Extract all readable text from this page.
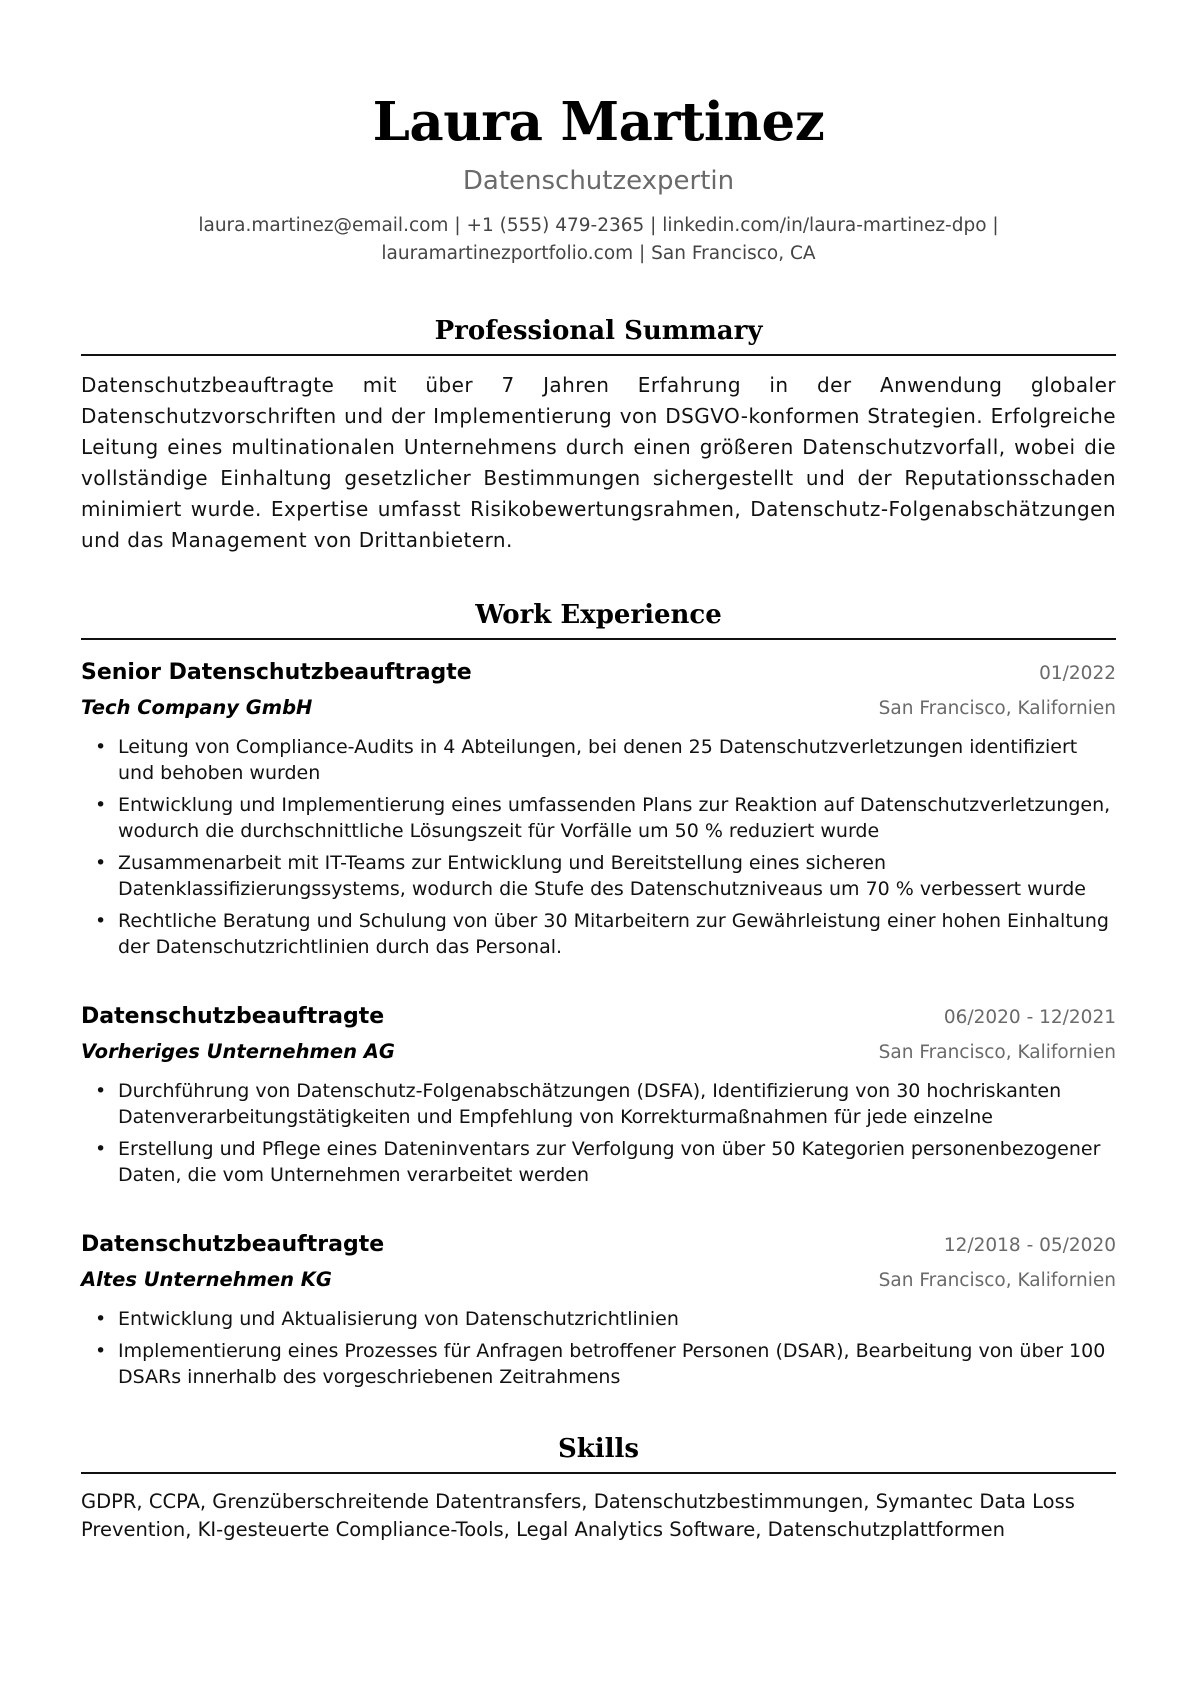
Laura Martinez
Datenschutzexpertin
laura.martinez@email.com | +1 (555) 479-2365 | linkedin.com/in/laura-martinez-dpo |
lauramartinezportfolio.com | San Francisco, CA
Professional Summary

Datenschutzbeauftragte mit über 7 Jahren Erfahrung in der Anwendung globaler Datenschutzvorschriften und der Implementierung von DSGVO-konformen Strategien. Erfolgreiche Leitung eines multinationalen Unternehmens durch einen größeren Datenschutzvorfall, wobei die vollständige Einhaltung gesetzlicher Bestimmungen sichergestellt und der Reputationsschaden minimiert wurde. Expertise umfasst Risikobewertungsrahmen, Datenschutz-Folgenabschätzungen und das Management von Drittanbietern.

Work Experience
Senior Datenschutzbeauftragte	01/2022
Tech Company GmbH	San Francisco, Kalifornien
• Leitung von Compliance-Audits in 4 Abteilungen, bei denen 25 Datenschutzverletzungen identifiziert und behoben wurden
• Entwicklung und Implementierung eines umfassenden Plans zur Reaktion auf Datenschutzverletzungen, wodurch die durchschnittliche Lösungszeit für Vorfälle um 50 % reduziert wurde
• Zusammenarbeit mit IT-Teams zur Entwicklung und Bereitstellung eines sicheren Datenklassifizierungssystems, wodurch die Stufe des Datenschutzniveaus um 70 % verbessert wurde
• Rechtliche Beratung und Schulung von über 30 Mitarbeitern zur Gewährleistung einer hohen Einhaltung der Datenschutzrichtlinien durch das Personal.
Datenschutzbeauftragte	06/2020 - 12/2021
Vorheriges Unternehmen AG	San Francisco, Kalifornien
• Durchführung von Datenschutz-Folgenabschätzungen (DSFA), Identifizierung von 30 hochriskanten Datenverarbeitungstätigkeiten und Empfehlung von Korrekturmaßnahmen für jede einzelne
• Erstellung und Pflege eines Dateninventars zur Verfolgung von über 50 Kategorien personenbezogener Daten, die vom Unternehmen verarbeitet werden
Datenschutzbeauftragte	12/2018 - 05/2020
Altes Unternehmen KG	San Francisco, Kalifornien
• Entwicklung und Aktualisierung von Datenschutzrichtlinien
• Implementierung eines Prozesses für Anfragen betroffener Personen (DSAR), Bearbeitung von über 100 DSARs innerhalb des vorgeschriebenen Zeitrahmens
Skills

GDPR, CCPA, Grenzüberschreitende Datentransfers, Datenschutzbestimmungen, Symantec Data Loss Prevention, KI-gesteuerte Compliance-Tools, Legal Analytics Software, Datenschutzplattformen
